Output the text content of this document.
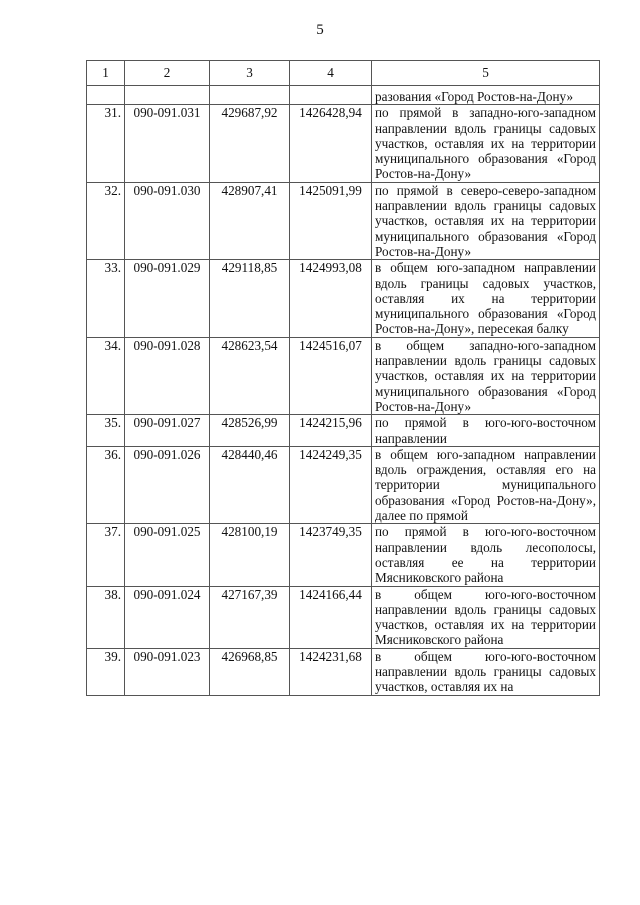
5
1	2	3	4	5
				разования «Город Ростов-на-Дону»
31.	090-091.031	429687,92	1426428,94	по прямой в западно-юго-западном направлении вдоль границы садовых участков, оставляя их на территории муниципального образования «Город Ростов-на-Дону»
32.	090-091.030	428907,41	1425091,99	по прямой в северо-северо-западном направлении вдоль границы садовых участков, оставляя их на территории муниципального образования «Город Ростов-на-Дону»
33.	090-091.029	429118,85	1424993,08	в общем юго-западном направлении вдоль границы садовых участков, оставляя их на территории муниципального образования «Город Ростов-на-Дону», пересекая балку
34.	090-091.028	428623,54	1424516,07	в общем западно-юго-западном направлении вдоль границы садовых участков, оставляя их на территории муниципального образования «Город Ростов-на-Дону»
35.	090-091.027	428526,99	1424215,96	по прямой в юго-юго-восточном направлении
36.	090-091.026	428440,46	1424249,35	в общем юго-западном направлении вдоль ограждения, оставляя его на территории муниципального образования «Город Ростов-на-Дону», далее по прямой
37.	090-091.025	428100,19	1423749,35	по прямой в юго-юго-восточном направлении вдоль лесополосы, оставляя ее на территории Мясниковского района
38.	090-091.024	427167,39	1424166,44	в общем юго-юго-восточном направлении вдоль границы садовых участков, оставляя их на территории Мясниковского района
39.	090-091.023	426968,85	1424231,68	в общем юго-юго-восточном направлении вдоль границы садовых участков, оставляя их на
